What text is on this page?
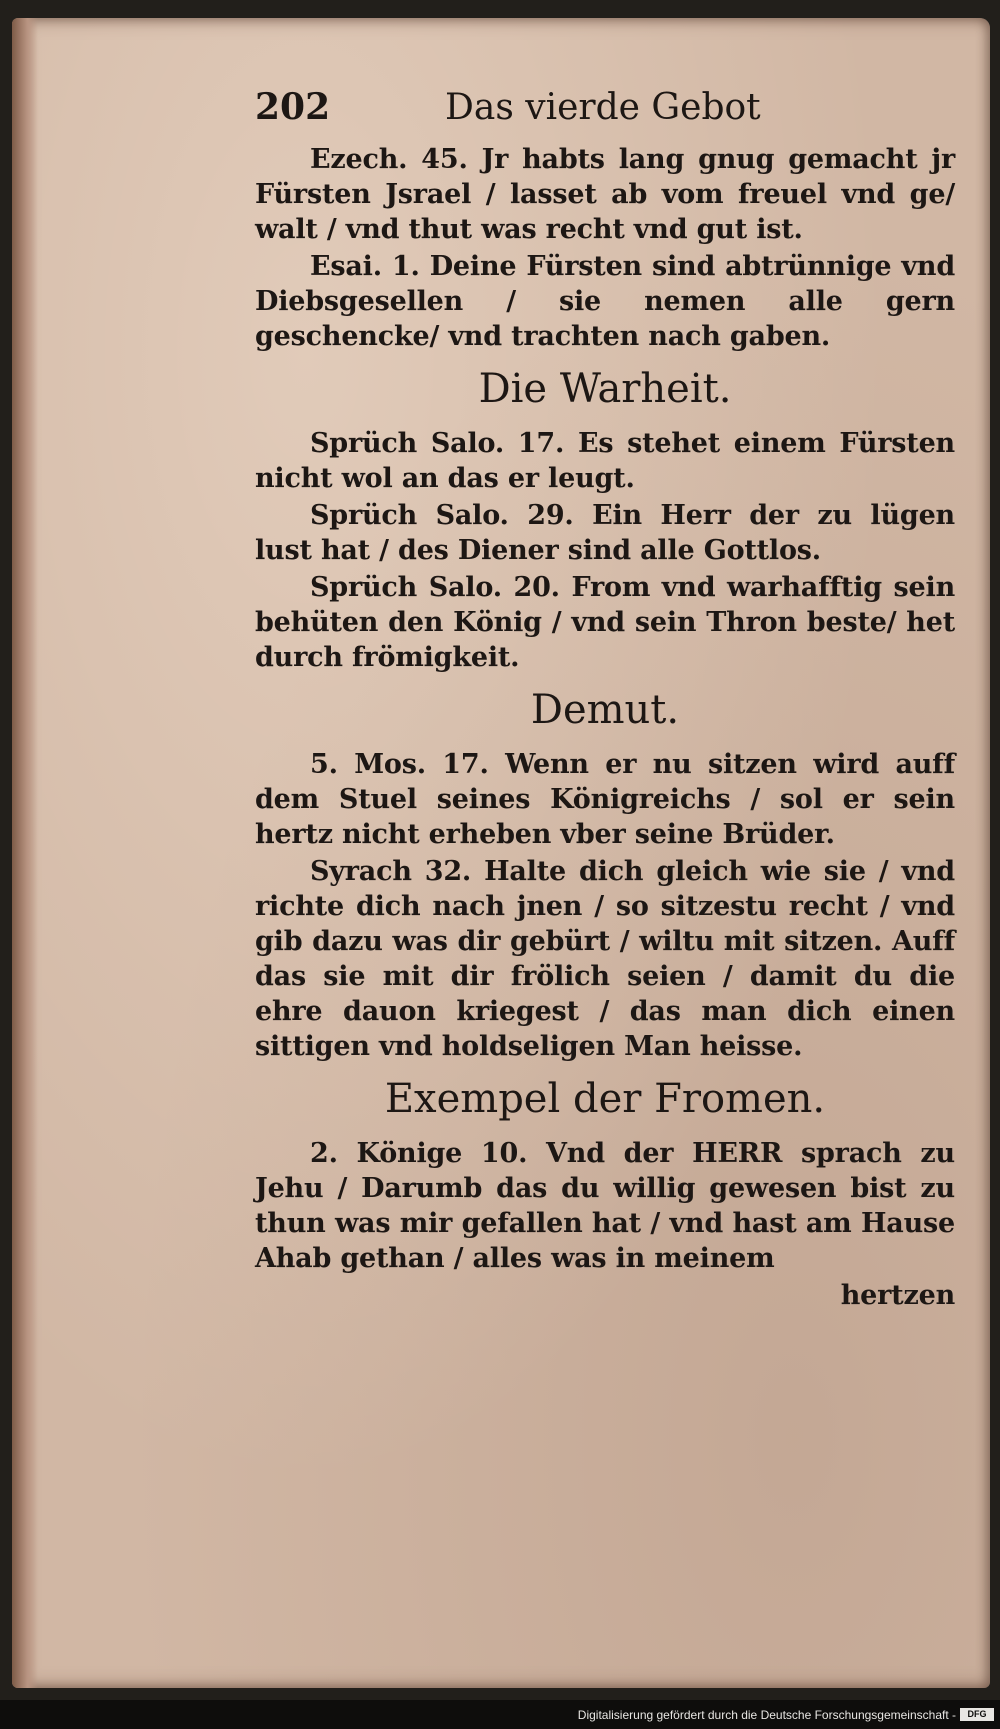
202	Das vierde Gebot

Ezech. 45. Jr habts lang gnug gemacht jr Fürsten Jsrael / lasset ab vom freuel vnd ge/ walt / vnd thut was recht vnd gut ist.

Esai. 1. Deine Fürsten sind abtrünnige vnd Diebsgesellen / sie nemen alle gern geschencke/ vnd trachten nach gaben.

Die Warheit.

Sprüch Salo. 17. Es stehet einem Fürsten nicht wol an das er leugt.

Sprüch Salo. 29. Ein Herr der zu lügen lust hat / des Diener sind alle Gottlos.

Sprüch Salo. 20. From vnd warhafftig sein behüten den König / vnd sein Thron beste/ het durch frömigkeit.

Demut.

5. Mos. 17. Wenn er nu sitzen wird auff dem Stuel seines Königreichs / sol er sein hertz nicht erheben vber seine Brüder.

Syrach 32. Halte dich gleich wie sie / vnd richte dich nach jnen / so sitzestu recht / vnd gib dazu was dir gebürt / wiltu mit sitzen. Auff das sie mit dir frölich seien / damit du die ehre dauon kriegest / das man dich einen sittigen vnd holdseligen Man heisse.

Exempel der Fromen.

2. Könige 10. Vnd der HERR sprach zu Jehu / Darumb das du willig gewesen bist zu thun was mir gefallen hat / vnd hast am Hause Ahab gethan / alles was in meinem

hertzen

Digitalisierung gefördert durch die Deutsche Forschungsgemeinschaft -	DFG
